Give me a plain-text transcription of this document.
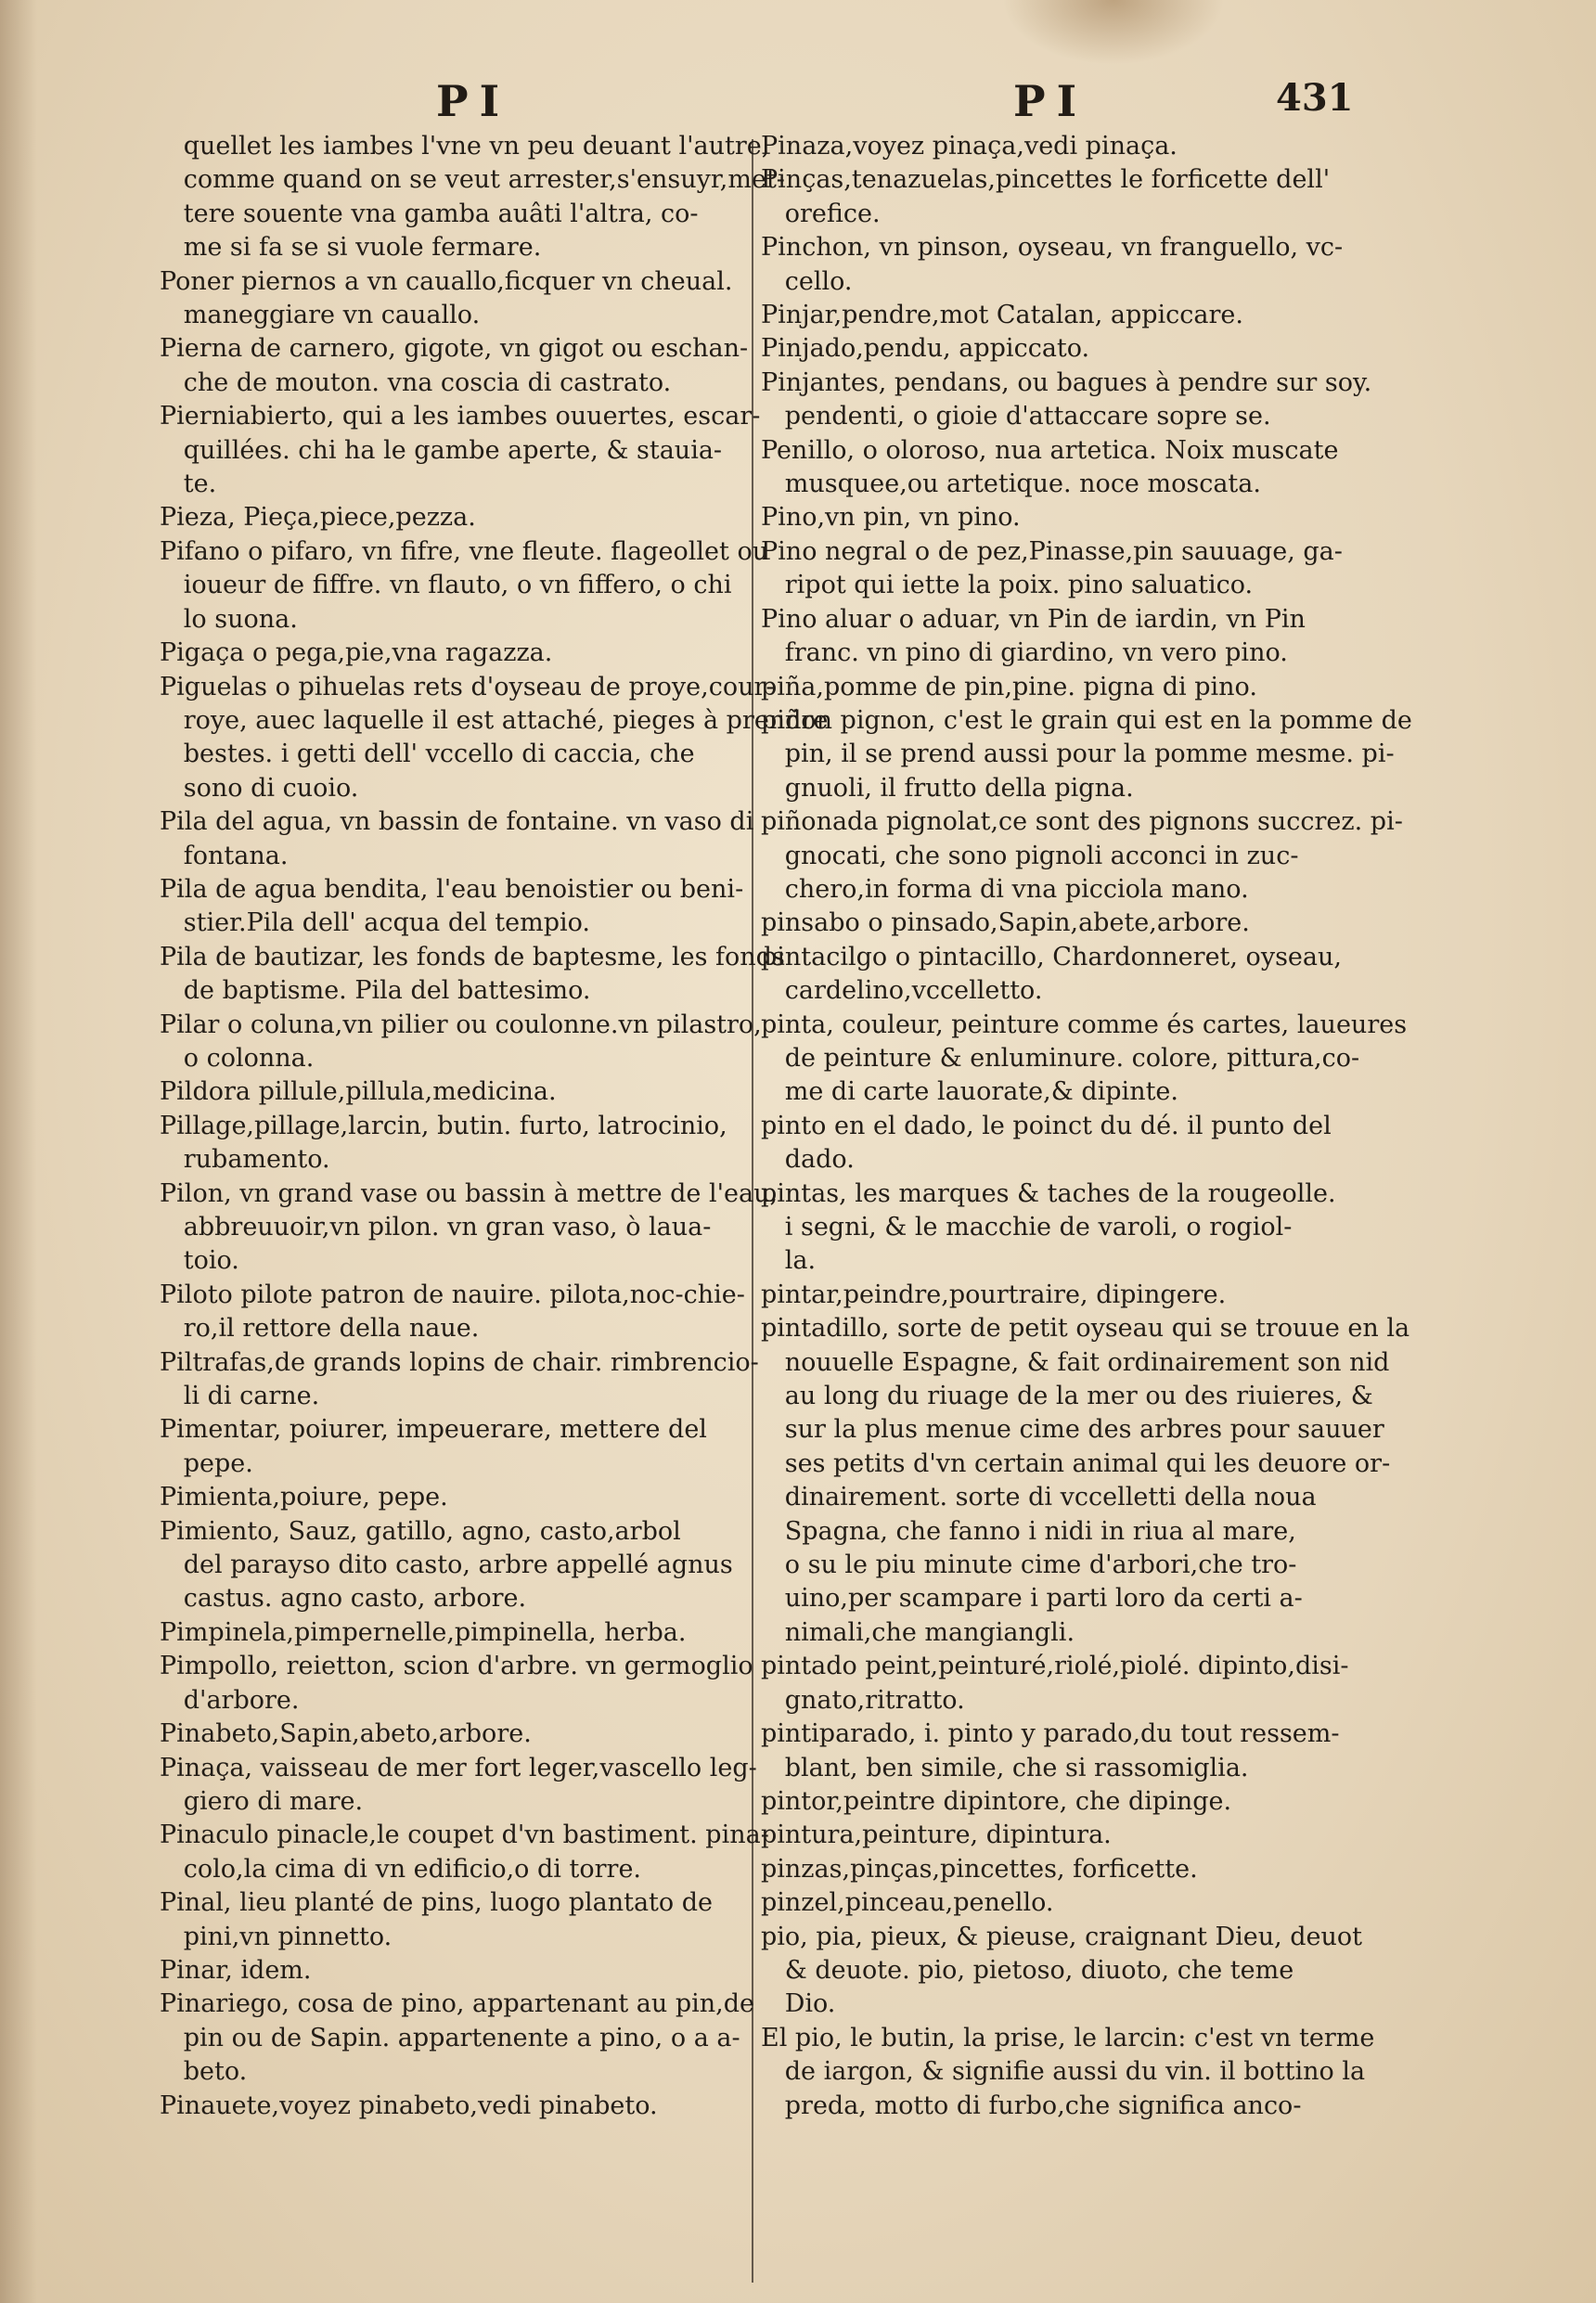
PI	PI	431
quellet les iambes l'vne vn peu deuant l'autre,
comme quand on se veut arrester,s'ensuyr,met-
tere souente vna gamba auâti l'altra, co-
me si fa se si vuole fermare.
Poner piernos a vn cauallo,ficquer vn cheual.
maneggiare vn cauallo.
Pierna de carnero, gigote, vn gigot ou eschan-
che de mouton. vna coscia di castrato.
Pierniabierto, qui a les iambes ouuertes, escar-
quillées. chi ha le gambe aperte, & stauia-
te.
Pieza, Pieça,piece,pezza.
Pifano o pifaro, vn fifre, vne fleute. flageollet ou
ioueur de fiffre. vn flauto, o vn fiffero, o chi
lo suona.
Pigaça o pega,pie,vna ragazza.
Piguelas o pihuelas rets d'oyseau de proye,cour-
roye, auec laquelle il est attaché, pieges à prendre
bestes. i getti dell' vccello di caccia, che
sono di cuoio.
Pila del agua, vn bassin de fontaine. vn vaso di
fontana.
Pila de agua bendita, l'eau benoistier ou beni-
stier.Pila dell' acqua del tempio.
Pila de bautizar, les fonds de baptesme, les fonds
de baptisme. Pila del battesimo.
Pilar o coluna,vn pilier ou coulonne.vn pilastro,
o colonna.
Pildora pillule,pillula,medicina.
Pillage,pillage,larcin, butin. furto, latrocinio,
rubamento.
Pilon, vn grand vase ou bassin à mettre de l'eau,
abbreuuoir,vn pilon. vn gran vaso, ò laua-
toio.
Piloto pilote patron de nauire. pilota,noc-chie-
ro,il rettore della naue.
Piltrafas,de grands lopins de chair. rimbrencio-
li di carne.
Pimentar, poiurer, impeuerare, mettere del
pepe.
Pimienta,poiure, pepe.
Pimiento, Sauz, gatillo, agno, casto,arbol
del parayso dito casto, arbre appellé agnus
castus. agno casto, arbore.
Pimpinela,pimpernelle,pimpinella, herba.
Pimpollo, reietton, scion d'arbre. vn germoglio
d'arbore.
Pinabeto,Sapin,abeto,arbore.
Pinaça, vaisseau de mer fort leger,vascello leg-
giero di mare.
Pinaculo pinacle,le coupet d'vn bastiment. pina-
colo,la cima di vn edificio,o di torre.
Pinal, lieu planté de pins, luogo plantato de
pini,vn pinnetto.
Pinar, idem.
Pinariego, cosa de pino, appartenant au pin,de
pin ou de Sapin. appartenente a pino, o a a-
beto.
Pinauete,voyez pinabeto,vedi pinabeto.
Pinaza,voyez pinaça,vedi pinaça.
Pinças,tenazuelas,pincettes le forficette dell'
orefice.
Pinchon, vn pinson, oyseau, vn franguello, vc-
cello.
Pinjar,pendre,mot Catalan, appiccare.
Pinjado,pendu, appiccato.
Pinjantes, pendans, ou bagues à pendre sur soy.
pendenti, o gioie d'attaccare sopre se.
Penillo, o oloroso, nua artetica. Noix muscate
musquee,ou artetique. noce moscata.
Pino,vn pin, vn pino.
Pino negral o de pez,Pinasse,pin sauuage, ga-
ripot qui iette la poix. pino saluatico.
Pino aluar o aduar, vn Pin de iardin, vn Pin
franc. vn pino di giardino, vn vero pino.
piña,pomme de pin,pine. pigna di pino.
piñon pignon, c'est le grain qui est en la pomme de
pin, il se prend aussi pour la pomme mesme. pi-
gnuoli, il frutto della pigna.
piñonada pignolat,ce sont des pignons succrez. pi-
gnocati, che sono pignoli acconci in zuc-
chero,in forma di vna picciola mano.
pinsabo o pinsado,Sapin,abete,arbore.
pintacilgo o pintacillo, Chardonneret, oyseau,
cardelino,vccelletto.
pinta, couleur, peinture comme és cartes, laueures
de peinture & enluminure. colore, pittura,co-
me di carte lauorate,& dipinte.
pinto en el dado, le poinct du dé. il punto del
dado.
pintas, les marques & taches de la rougeolle.
i segni, & le macchie de varoli, o rogiol-
la.
pintar,peindre,pourtraire, dipingere.
pintadillo, sorte de petit oyseau qui se trouue en la
nouuelle Espagne, & fait ordinairement son nid
au long du riuage de la mer ou des riuieres, &
sur la plus menue cime des arbres pour sauuer
ses petits d'vn certain animal qui les deuore or-
dinairement. sorte di vccelletti della noua
Spagna, che fanno i nidi in riua al mare,
o su le piu minute cime d'arbori,che tro-
uino,per scampare i parti loro da certi a-
nimali,che mangiangli.
pintado peint,peinturé,riolé,piolé. dipinto,disi-
gnato,ritratto.
pintiparado, i. pinto y parado,du tout ressem-
blant, ben simile, che si rassomiglia.
pintor,peintre dipintore, che dipinge.
pintura,peinture, dipintura.
pinzas,pinças,pincettes, forficette.
pinzel,pinceau,penello.
pio, pia, pieux, & pieuse, craignant Dieu, deuot
& deuote. pio, pietoso, diuoto, che teme
Dio.
El pio, le butin, la prise, le larcin: c'est vn terme
de iargon, & signifie aussi du vin. il bottino la
preda, motto di furbo,che significa anco-
